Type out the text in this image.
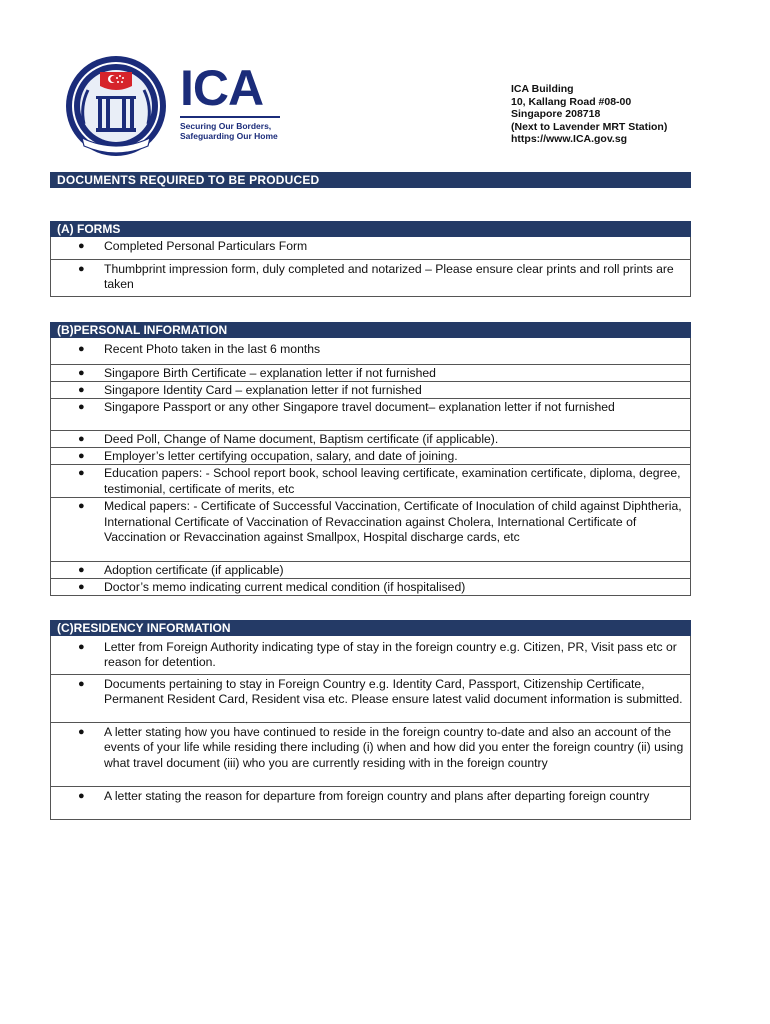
ICA
Securing Our Borders,
Safeguarding Our Home
ICA Building
10, Kallang Road #08-00
Singapore 208718
(Next to Lavender MRT Station)
https://www.ICA.gov.sg
DOCUMENTS REQUIRED TO BE PRODUCED
(A) FORMS
● Completed Personal Particulars Form
● Thumbprint impression form, duly completed and notarized – Please ensure clear prints and roll prints are taken
(B)PERSONAL INFORMATION
● Recent Photo taken in the last 6 months
● Singapore Birth Certificate – explanation letter if not furnished
● Singapore Identity Card – explanation letter if not furnished
● Singapore Passport or any other Singapore travel document– explanation letter if not furnished
● Deed Poll, Change of Name document, Baptism certificate (if applicable).
● Employer’s letter certifying occupation, salary, and date of joining.
● Education papers: - School report book, school leaving certificate, examination certificate, diploma, degree, testimonial, certificate of merits, etc
● Medical papers: - Certificate of Successful Vaccination, Certificate of Inoculation of child against Diphtheria, International Certificate of Vaccination of Revaccination against Cholera, International Certificate of Vaccination or Revaccination against Smallpox, Hospital discharge cards, etc
● Adoption certificate (if applicable)
● Doctor’s memo indicating current medical condition (if hospitalised)
(C)RESIDENCY INFORMATION
● Letter from Foreign Authority indicating type of stay in the foreign country e.g. Citizen, PR, Visit pass etc or reason for detention.
● Documents pertaining to stay in Foreign Country e.g. Identity Card, Passport, Citizenship Certificate, Permanent Resident Card, Resident visa etc. Please ensure latest valid document information is submitted.
● A letter stating how you have continued to reside in the foreign country to-date and also an account of the events of your life while residing there including (i) when and how did you enter the foreign country (ii) using what travel document (iii) who you are currently residing with in the foreign country
● A letter stating the reason for departure from foreign country and plans after departing foreign country
